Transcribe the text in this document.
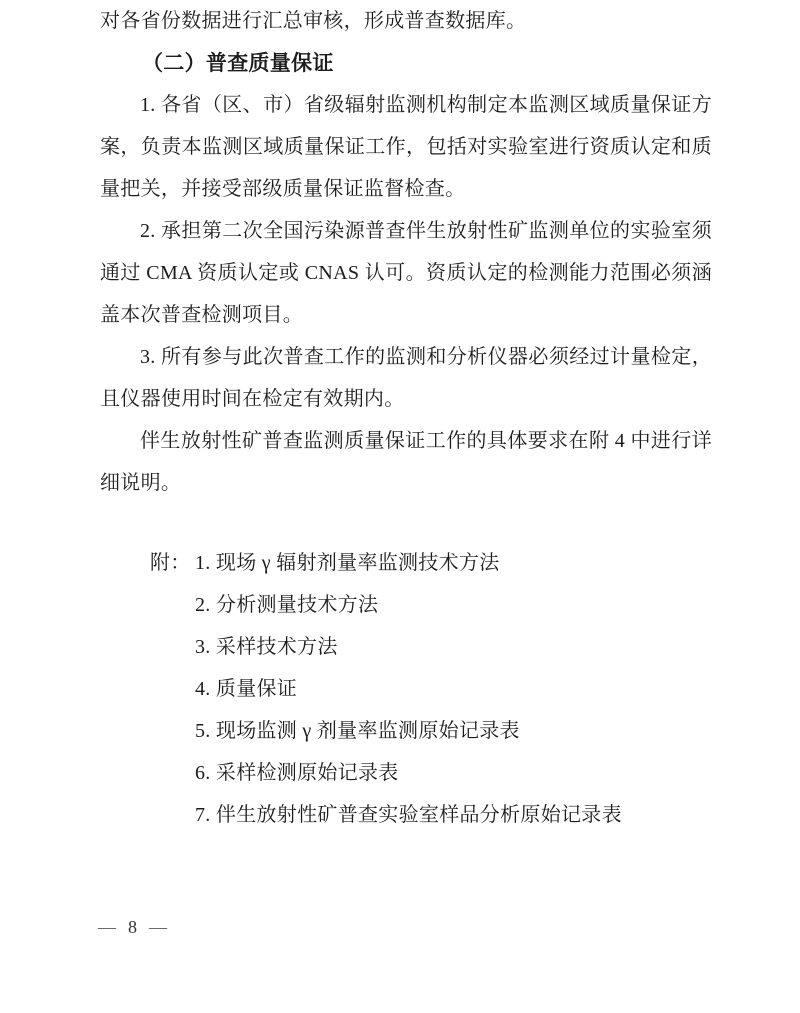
对各省份数据进行汇总审核，形成普查数据库。

（二）普查质量保证

1. 各省（区、市）省级辐射监测机构制定本监测区域质量保证方案，负责本监测区域质量保证工作，包括对实验室进行资质认定和质量把关，并接受部级质量保证监督检查。

2. 承担第二次全国污染源普查伴生放射性矿监测单位的实验室须通过 CMA 资质认定或 CNAS 认可。资质认定的检测能力范围必须涵盖本次普查检测项目。

3. 所有参与此次普查工作的监测和分析仪器必须经过计量检定，且仪器使用时间在检定有效期内。

伴生放射性矿普查监测质量保证工作的具体要求在附 4 中进行详细说明。

附： 1. 现场 γ 辐射剂量率监测技术方法
2. 分析测量技术方法
3. 采样技术方法
4. 质量保证
5. 现场监测 γ 剂量率监测原始记录表
6. 采样检测原始记录表
7. 伴生放射性矿普查实验室样品分析原始记录表
— 8 —
